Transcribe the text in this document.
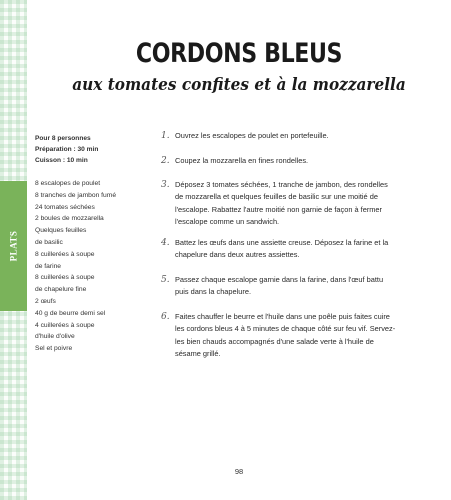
PLATS
CORDONS BLEUS
aux tomates confites et à la mozzarella
Pour 8 personnes
Préparation : 30 min
Cuisson : 10 min
8 escalopes de poulet
8 tranches de jambon fumé
24 tomates séchées
2 boules de mozzarella
Quelques feuilles
de basilic
8 cuillerées à soupe
de farine
8 cuillerées à soupe
de chapelure fine
2 œufs
40 g de beurre demi sel
4 cuillerées à soupe
d'huile d'olive
Sel et poivre
1. Ouvrez les escalopes de poulet en portefeuille.
2. Coupez la mozzarella en fines rondelles.
3. Déposez 3 tomates séchées, 1 tranche de jambon, des rondelles de mozzarella et quelques feuilles de basilic sur une moitié de l'escalope. Rabattez l'autre moitié non garnie de façon à fermer l'escalope comme un sandwich.
4. Battez les œufs dans une assiette creuse. Déposez la farine et la chapelure dans deux autres assiettes.
5. Passez chaque escalope garnie dans la farine, dans l'œuf battu puis dans la chapelure.
6. Faites chauffer le beurre et l'huile dans une poêle puis faites cuire les cordons bleus 4 à 5 minutes de chaque côté sur feu vif. Servez-les bien chauds accompagnés d'une salade verte à l'huile de sésame grillé.
98
